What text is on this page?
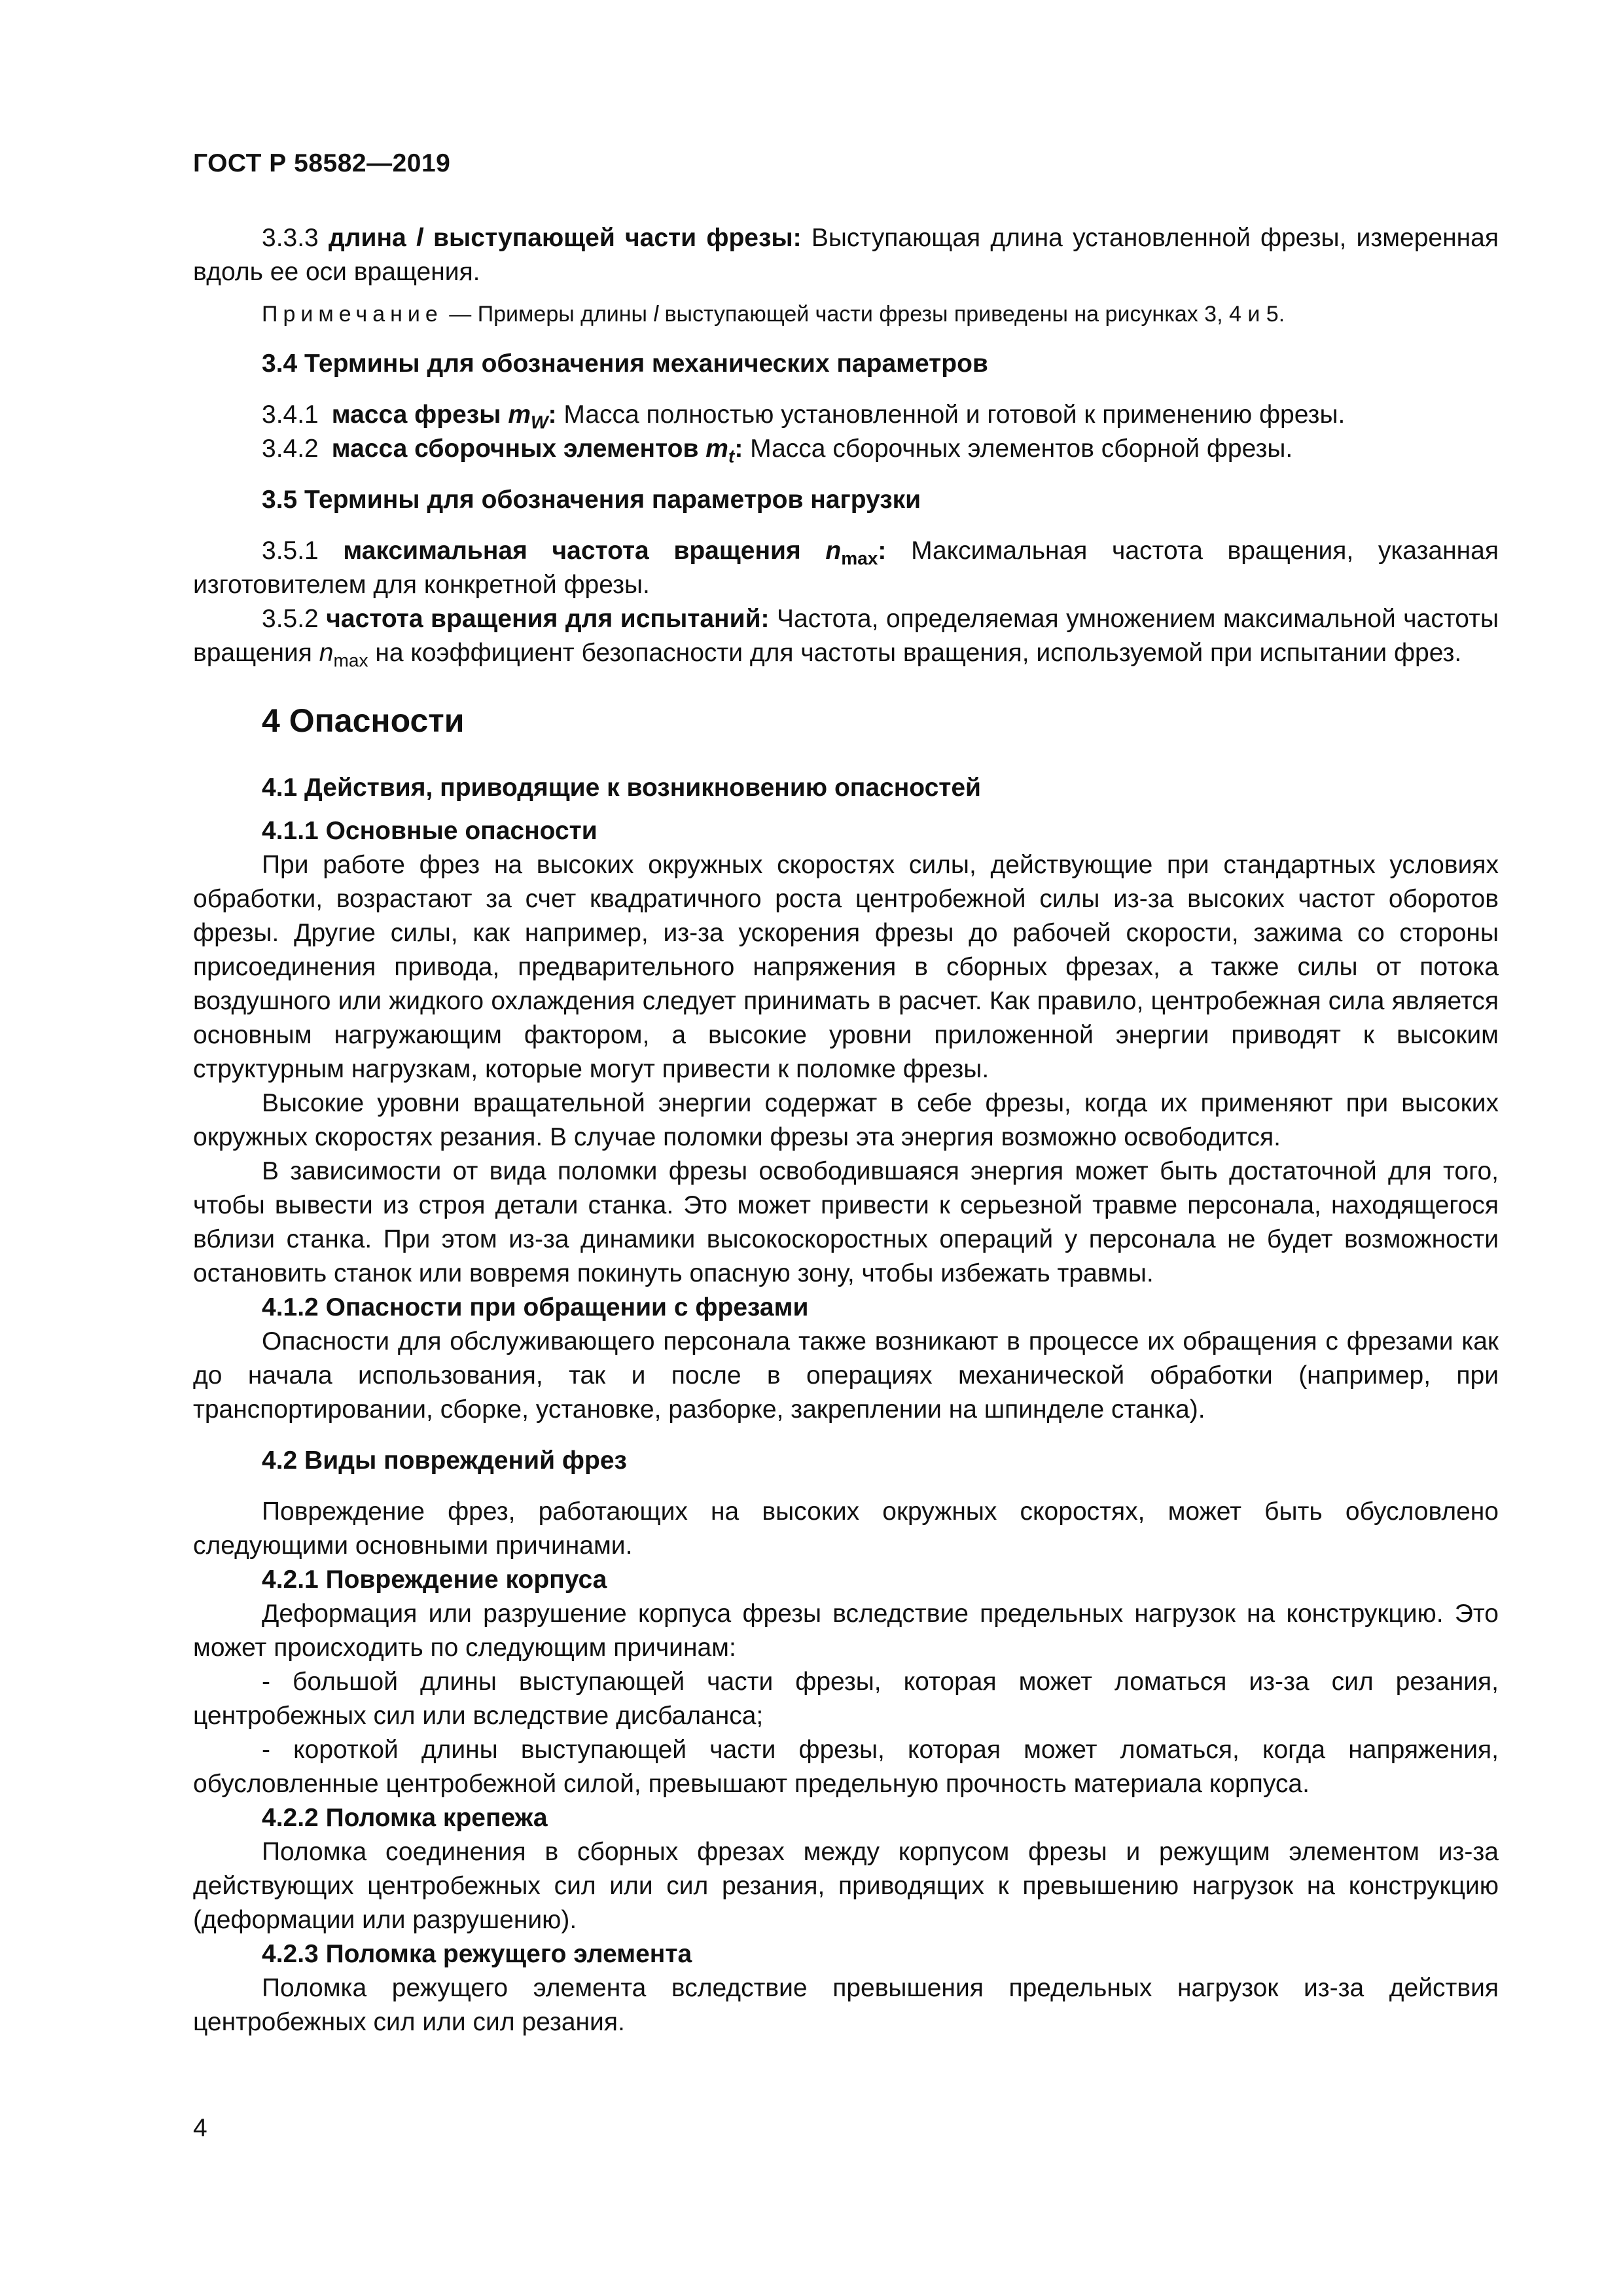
ГОСТ Р 58582—2019

3.3.3 длина l выступающей части фрезы: Выступающая длина установленной фрезы, измеренная вдоль ее оси вращения.

Примечание — Примеры длины l выступающей части фрезы приведены на рисунках 3, 4 и 5.

3.4 Термины для обозначения механических параметров

3.4.1 масса фрезы $m_W$: Масса полностью установленной и готовой к применению фрезы.

3.4.2 масса сборочных элементов $m_t$: Масса сборочных элементов сборной фрезы.

3.5 Термины для обозначения параметров нагрузки

3.5.1 максимальная частота вращения $n_{max}$: Максимальная частота вращения, указанная изготовителем для конкретной фрезы.

3.5.2 частота вращения для испытаний: Частота, определяемая умножением максимальной частоты вращения $n_{max}$ на коэффициент безопасности для частоты вращения, используемой при испытании фрез.

4 Опасности

4.1 Действия, приводящие к возникновению опасностей

4.1.1 Основные опасности

При работе фрез на высоких окружных скоростях силы, действующие при стандартных условиях обработки, возрастают за счет квадратичного роста центробежной силы из-за высоких частот оборотов фрезы. Другие силы, как например, из-за ускорения фрезы до рабочей скорости, зажима со стороны присоединения привода, предварительного напряжения в сборных фрезах, а также силы от потока воздушного или жидкого охлаждения следует принимать в расчет. Как правило, центробежная сила является основным нагружающим фактором, а высокие уровни приложенной энергии приводят к высоким структурным нагрузкам, которые могут привести к поломке фрезы.

Высокие уровни вращательной энергии содержат в себе фрезы, когда их применяют при высоких окружных скоростях резания. В случае поломки фрезы эта энергия возможно освободится.

В зависимости от вида поломки фрезы освободившаяся энергия может быть достаточной для того, чтобы вывести из строя детали станка. Это может привести к серьезной травме персонала, находящегося вблизи станка. При этом из-за динамики высокоскоростных операций у персонала не будет возможности остановить станок или вовремя покинуть опасную зону, чтобы избежать травмы.

4.1.2 Опасности при обращении с фрезами

Опасности для обслуживающего персонала также возникают в процессе их обращения с фрезами как до начала использования, так и после в операциях механической обработки (например, при транспортировании, сборке, установке, разборке, закреплении на шпинделе станка).

4.2 Виды повреждений фрез

Повреждение фрез, работающих на высоких окружных скоростях, может быть обусловлено следующими основными причинами.

4.2.1 Повреждение корпуса

Деформация или разрушение корпуса фрезы вследствие предельных нагрузок на конструкцию. Это может происходить по следующим причинам:

- большой длины выступающей части фрезы, которая может ломаться из-за сил резания, центробежных сил или вследствие дисбаланса;

- короткой длины выступающей части фрезы, которая может ломаться, когда напряжения, обусловленные центробежной силой, превышают предельную прочность материала корпуса.

4.2.2 Поломка крепежа

Поломка соединения в сборных фрезах между корпусом фрезы и режущим элементом из-за действующих центробежных сил или сил резания, приводящих к превышению нагрузок на конструкцию (деформации или разрушению).

4.2.3 Поломка режущего элемента

Поломка режущего элемента вследствие превышения предельных нагрузок из-за действия центробежных сил или сил резания.

4
